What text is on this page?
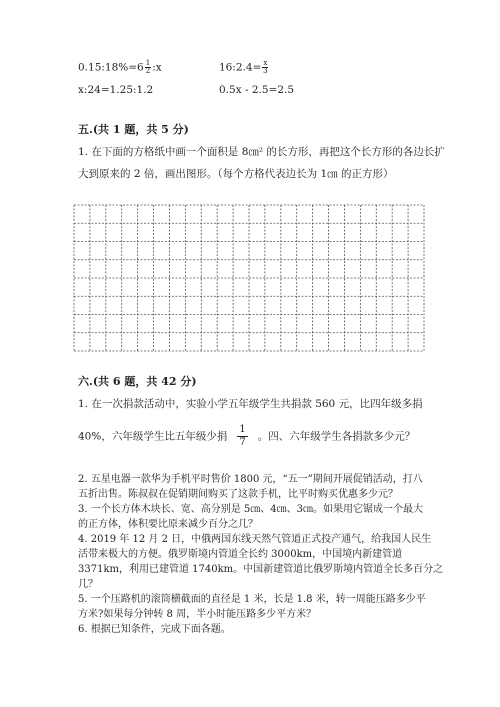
0.15:18%=6 $\frac{1}{2}$ :x	16:2.4= $\frac{x}{3}$
x:24=1.25:1.2	0.5x - 2.5=2.5
五.(共 1 题，共 5 分)
1. 在下面的方格纸中画一个面积是 8㎝² 的长方形，再把这个长方形的各边长扩
大到原来的 2 倍，画出图形。（每个方格代表边长为 1㎝ 的正方形）
六.(共 6 题，共 42 分)
1. 在一次捐款活动中，实验小学五年级学生共捐款 560 元，比四年级多捐
40%，六年级学生比五年级少捐 $\frac{1}{7}$ 。四、六年级学生各捐款多少元？
2. 五星电器一款华为手机平时售价 1800 元，“五一”期间开展促销活动，打八
五折出售。陈叔叔在促销期间购买了这款手机，比平时购买优惠多少元？
3. 一个长方体木块长、宽、高分别是 5㎝、4㎝、3㎝。如果用它锯成一个最大
的正方体，体积要比原来减少百分之几？
4. 2019 年 12 月 2 日，中俄两国东线天然气管道正式投产通气，给我国人民生
活带来极大的方便。俄罗斯境内管道全长约 3000km，中国境内新建管道
3371km，利用已建管道 1740km。中国新建管道比俄罗斯境内管道全长多百分之
几？
5. 一个压路机的滚筒横截面的直径是 1 米，长是 1.8 米，转一周能压路多少平
方米?如果每分钟转 8 周，半小时能压路多少平方米？
6. 根据已知条件，完成下面各题。
